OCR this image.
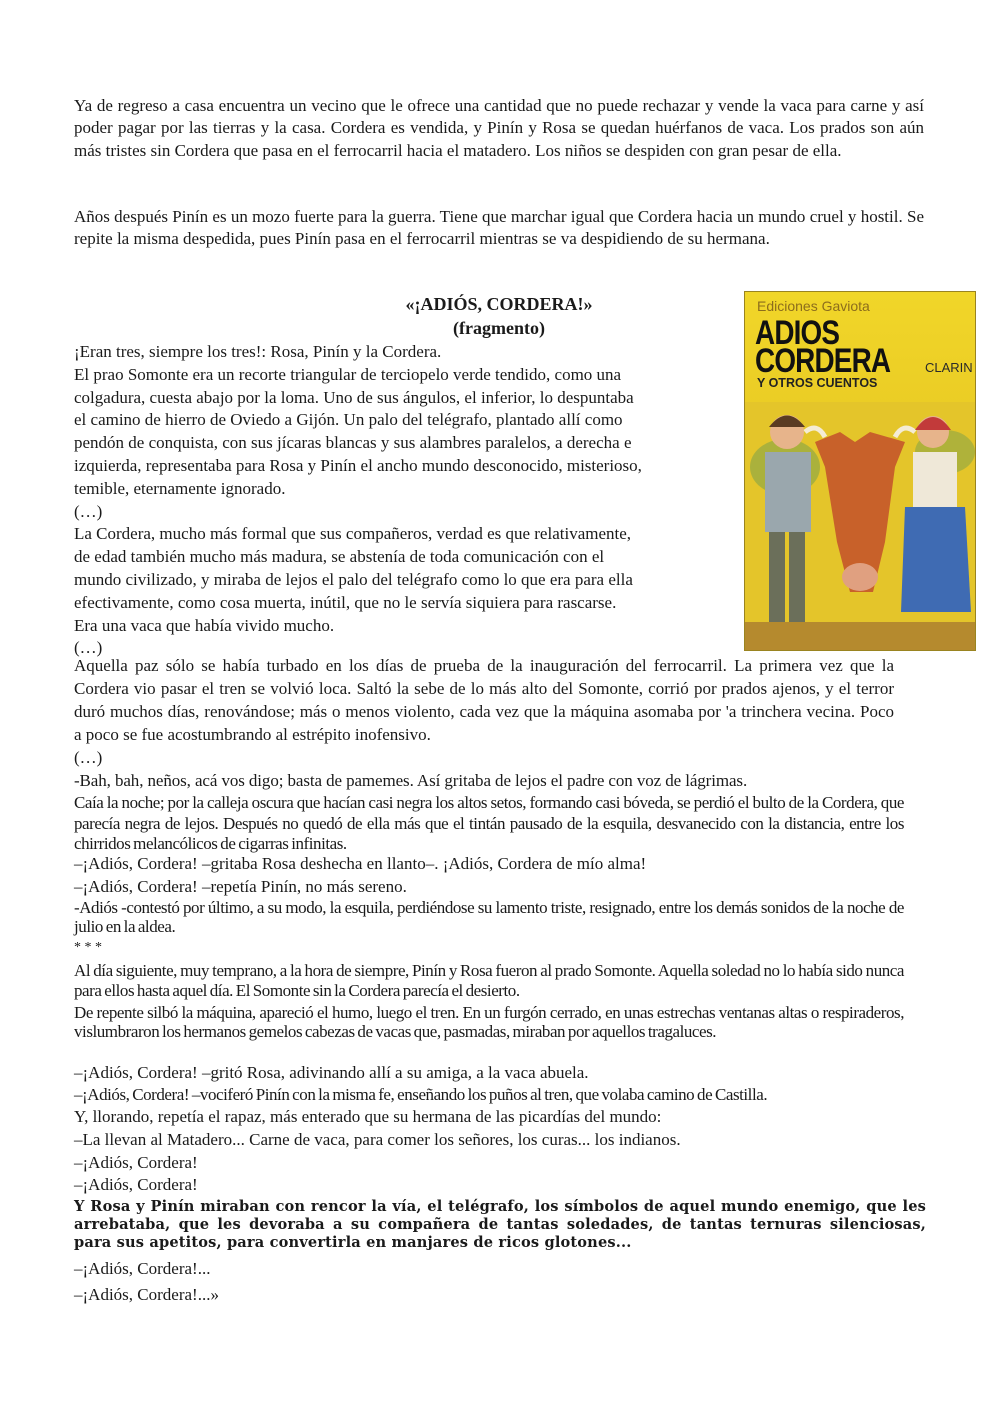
Ya de regreso a casa encuentra un vecino que le ofrece una cantidad que no puede rechazar y vende la vaca para carne y así poder pagar por las tierras y la casa. Cordera es vendida, y Pinín y Rosa se quedan huérfanos de vaca. Los prados son aún más tristes sin Cordera que pasa en el ferrocarril hacia el matadero. Los niños se despiden con gran pesar de ella.

Años después Pinín es un mozo fuerte para la guerra. Tiene que marchar igual que Cordera hacia un mundo cruel y hostil. Se repite la misma despedida, pues Pinín pasa en el ferrocarril mientras se va despidiendo de su hermana.

«¡ADIÓS, CORDERA!»
(fragmento)
Ediciones Gaviota
ADIOS
CORDERA	CLARIN
Y OTROS CUENTOS
¡Eran tres, siempre los tres!: Rosa, Pinín y la Cordera.
El prao Somonte era un recorte triangular de terciopelo verde tendido, como una
colgadura, cuesta abajo por la loma. Uno de sus ángulos, el inferior, lo despuntaba
el camino de hierro de Oviedo a Gijón. Un palo del telégrafo, plantado allí como
pendón de conquista, con sus jícaras blancas y sus alambres paralelos, a derecha e
izquierda, representaba para Rosa y Pinín el ancho mundo desconocido, misterioso,
temible, eternamente ignorado.
(…)
La Cordera, mucho más formal que sus compañeros, verdad es que relativamente,
de edad también mucho más madura, se abstenía de toda comunicación con el
mundo civilizado, y miraba de lejos el palo del telégrafo como lo que era para ella
efectivamente, como cosa muerta, inútil, que no le servía siquiera para rascarse.
Era una vaca que había vivido mucho.
(…)

Aquella paz sólo se había turbado en los días de prueba de la inauguración del ferrocarril. La primera vez que la Cordera vio pasar el tren se volvió loca. Saltó la sebe de lo más alto del Somonte, corrió por prados ajenos, y el terror duró muchos días, renovándose; más o menos violento, cada vez que la máquina asomaba por 'a trinchera vecina. Poco a poco se fue acostumbrando al estrépito inofensivo.

(…)

-Bah, bah, neños, acá vos digo; basta de pamemes. Así gritaba de lejos el padre con voz de lágrimas.

Caía la noche; por la calleja oscura que hacían casi negra los altos setos, formando casi bóveda, se perdió el bulto de la Cordera, que parecía negra de lejos. Después no quedó de ella más que el tintán pausado de la esquila, desvanecido con la distancia, entre los chirridos melancólicos de cigarras infinitas.

–¡Adiós, Cordera! –gritaba Rosa deshecha en llanto–. ¡Adiós, Cordera de mío alma!

–¡Adiós, Cordera! –repetía Pinín, no más sereno.

-Adiós -contestó por último, a su modo, la esquila, perdiéndose su lamento triste, resignado, entre los demás sonidos de la noche de julio en la aldea.

* * *

Al día siguiente, muy temprano, a la hora de siempre, Pinín y Rosa fueron al prado Somonte. Aquella soledad no lo había sido nunca para ellos hasta aquel día. El Somonte sin la Cordera parecía el desierto.

De repente silbó la máquina, apareció el humo, luego el tren. En un furgón cerrado, en unas estrechas ventanas altas o respiraderos, vislumbraron los hermanos gemelos cabezas de vacas que, pasmadas, miraban por aquellos tragaluces.

–¡Adiós, Cordera! –gritó Rosa, adivinando allí a su amiga, a la vaca abuela.

–¡Adiós, Cordera! –vociferó Pinín con la misma fe, enseñando los puños al tren, que volaba camino de Castilla.

Y, llorando, repetía el rapaz, más enterado que su hermana de las picardías del mundo:

–La llevan al Matadero... Carne de vaca, para comer los señores, los curas... los indianos.

–¡Adiós, Cordera!

–¡Adiós, Cordera!

Y Rosa y Pinín miraban con rencor la vía, el telégrafo, los símbolos de aquel mundo enemigo, que les arrebataba, que les devoraba a su compañera de tantas soledades, de tantas ternuras silenciosas, para sus apetitos, para convertirla en manjares de ricos glotones...

–¡Adiós, Cordera!...

–¡Adiós, Cordera!...»
